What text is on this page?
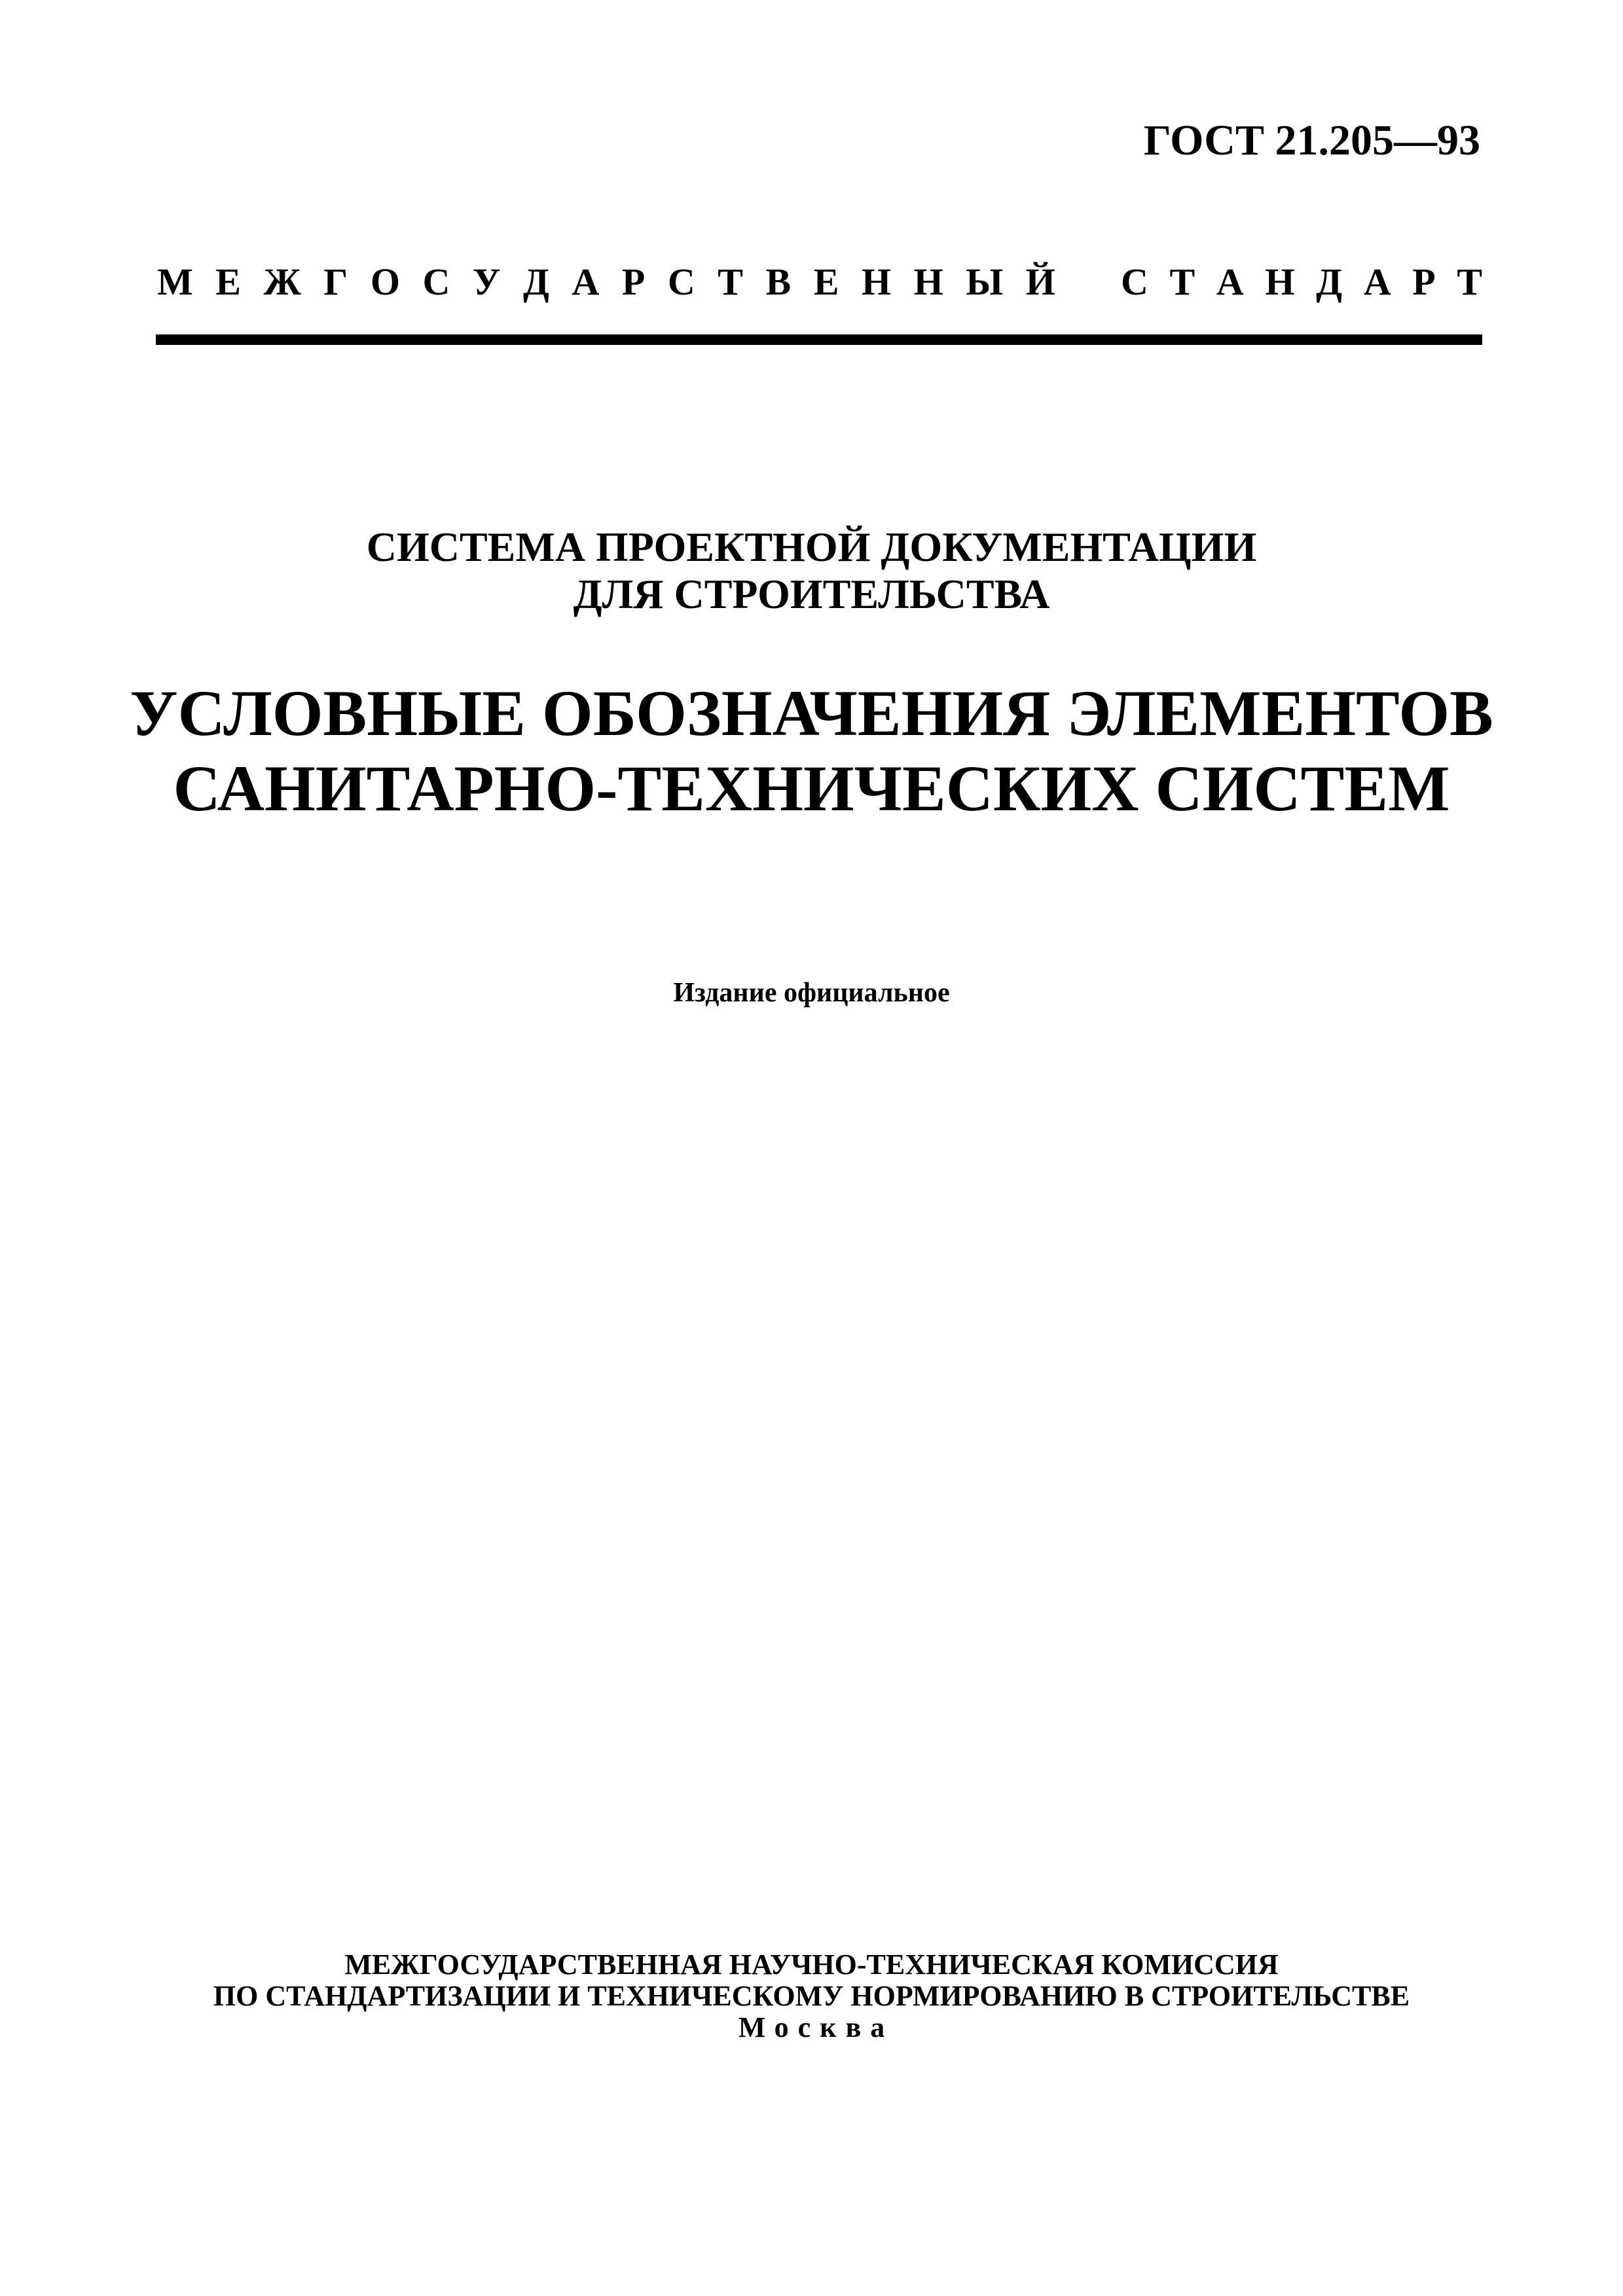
ГОСТ 21.205—93
М Е Ж Г О С У Д А Р С Т В Е Н Н Ы Й С Т А Н Д А Р Т
СИСТЕМА ПРОЕКТНОЙ ДОКУМЕНТАЦИИ
ДЛЯ СТРОИТЕЛЬСТВА
УСЛОВНЫЕ ОБОЗНАЧЕНИЯ ЭЛЕМЕНТОВ
САНИТАРНО-ТЕХНИЧЕСКИХ СИСТЕМ
Издание официальное
МЕЖГОСУДАРСТВЕННАЯ НАУЧНО-ТЕХНИЧЕСКАЯ КОМИССИЯ
ПО СТАНДАРТИЗАЦИИ И ТЕХНИЧЕСКОМУ НОРМИРОВАНИЮ В СТРОИТЕЛЬСТВЕ
Москва
